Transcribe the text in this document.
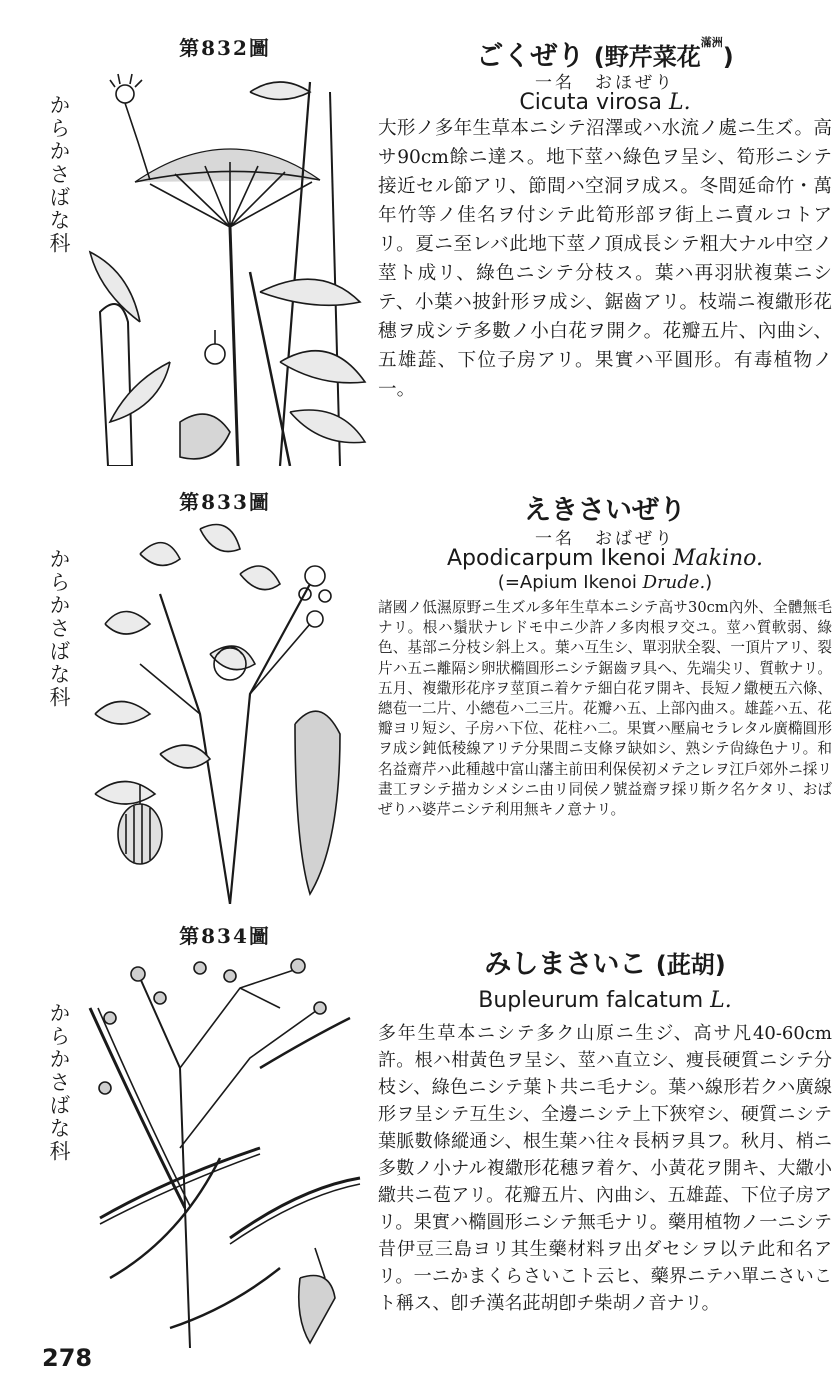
第832圖
からかさばな科
ごくぜり (野芹菜花$^{滿洲}$)
一名　おほぜり
Cicuta virosa L.

大形ノ多年生草本ニシテ沼澤或ハ水流ノ處ニ生ズ。高サ90cm餘ニ達ス。地下莖ハ綠色ヲ呈シ、筍形ニシテ接近セル節アリ、節間ハ空洞ヲ成ス。冬間延命竹・萬年竹等ノ佳名ヲ付シテ此筍形部ヲ街上ニ賣ルコトアリ。夏ニ至レバ此地下莖ノ頂成長シテ粗大ナル中空ノ莖ト成リ、綠色ニシテ分枝ス。葉ハ再羽狀複葉ニシテ、小葉ハ披針形ヲ成シ、鋸齒アリ。枝端ニ複繖形花穗ヲ成シテ多數ノ小白花ヲ開ク。花瓣五片、內曲シ、五雄蕋、下位子房アリ。果實ハ平圓形。有毒植物ノ一。

第833圖
からかさばな科
えきさいぜり
一名　おばぜり
Apodicarpum Ikenoi Makino.
(=Apium Ikenoi Drude.)

諸國ノ低濕原野ニ生ズル多年生草本ニシテ高サ30cm內外、全體無毛ナリ。根ハ鬚狀ナレドモ中ニ少許ノ多肉根ヲ交ユ。莖ハ質軟弱、綠色、基部ニ分枝シ斜上ス。葉ハ互生シ、單羽狀全裂、一頂片アリ、裂片ハ五ニ離隔シ卵狀橢圓形ニシテ鋸齒ヲ具ヘ、先端尖リ、質軟ナリ。五月、複繖形花序ヲ莖頂ニ着ケテ細白花ヲ開キ、長短ノ繖梗五六條、總苞一二片、小總苞ハ二三片。花瓣ハ五、上部內曲ス。雄蕋ハ五、花瓣ヨリ短シ、子房ハ下位、花柱ハ二。果實ハ壓扁セラレタル廣橢圓形ヲ成シ鈍低稜線アリテ分果間ニ支條ヲ缺如シ、熟シテ尙綠色ナリ。和名益齋芹ハ此種越中富山藩主前田利保侯初メテ之レヲ江戶郊外ニ採リ畫工ヲシテ描カシメシニ由リ同侯ノ號益齋ヲ採リ斯ク名ケタリ、おばぜりハ婆芹ニシテ利用無キノ意ナリ。

第834圖
からかさばな科
みしまさいこ (茈胡)
Bupleurum falcatum L.

多年生草本ニシテ多ク山原ニ生ジ、高サ凡40-60cm許。根ハ柑黃色ヲ呈シ、莖ハ直立シ、痩長硬質ニシテ分枝シ、綠色ニシテ葉ト共ニ毛ナシ。葉ハ線形若クハ廣線形ヲ呈シテ互生シ、全邊ニシテ上下狹窄シ、硬質ニシテ葉脈數條縱通シ、根生葉ハ往々長柄ヲ具フ。秋月、梢ニ多數ノ小ナル複繖形花穗ヲ着ケ、小黃花ヲ開キ、大繖小繖共ニ苞アリ。花瓣五片、內曲シ、五雄蕋、下位子房アリ。果實ハ橢圓形ニシテ無毛ナリ。藥用植物ノ一ニシテ昔伊豆三島ヨリ其生藥材料ヲ出ダセシヲ以テ此和名アリ。一ニかまくらさいこト云ヒ、藥界ニテハ單ニさいこト稱ス、卽チ漢名茈胡卽チ柴胡ノ音ナリ。

278
